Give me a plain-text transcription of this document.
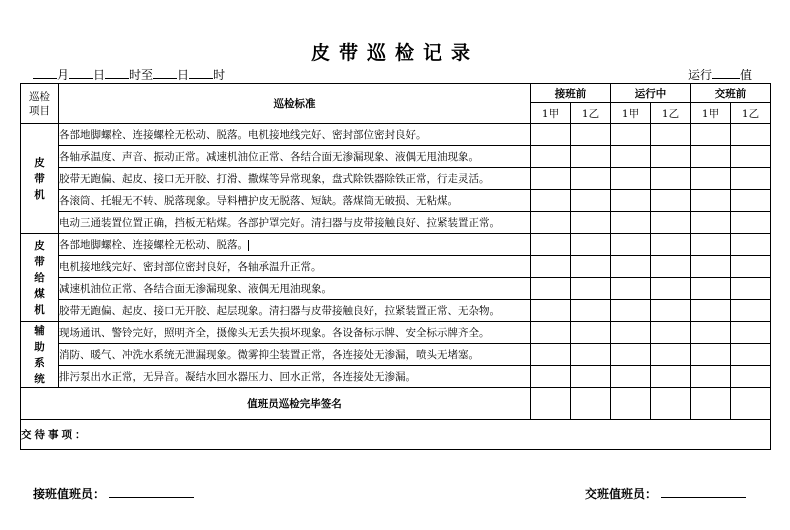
皮带巡检记录
月 日 时至 日 时	运行 值
巡检项目	巡检标准	接班前		运行中		交班前	
		1甲	1乙	1甲	1乙	1甲	1乙

皮带机	各部地脚螺栓、连接螺栓无松动、脱落。电机接地线完好、密封部位密封良好。						
	各轴承温度、声音、振动正常。减速机油位正常、各结合面无渗漏现象、液偶无甩油现象。						
	胶带无跑偏、起皮、接口无开胶、打滑、撒煤等异常现象，盘式除铁器除铁正常，行走灵活。						
	各滚筒、托辊无不转、脱落现象。导料槽护皮无脱落、短缺。落煤筒无破损、无粘煤。						
	电动三通装置位置正确，挡板无粘煤。各部护罩完好。清扫器与皮带接触良好、拉紧装置正常。						

皮带给煤机	各部地脚螺栓、连接螺栓无松动、脱落。						
	电机接地线完好、密封部位密封良好，各轴承温升正常。						
	减速机油位正常、各结合面无渗漏现象、液偶无甩油现象。						
	胶带无跑偏、起皮、接口无开胶、起层现象。清扫器与皮带接触良好，拉紧装置正常、无杂物。						

辅助系统	现场通讯、警铃完好，照明齐全，摄像头无丢失损坏现象。各设备标示牌、安全标示牌齐全。						
	消防、暖气、冲洗水系统无泄漏现象。微雾抑尘装置正常，各连接处无渗漏，喷头无堵塞。						
	排污泵出水正常，无异音。凝结水回水器压力、回水正常，各连接处无渗漏。						
值班员巡检完毕签名							
交待事项：							
接班值班员：	交班值班员：
